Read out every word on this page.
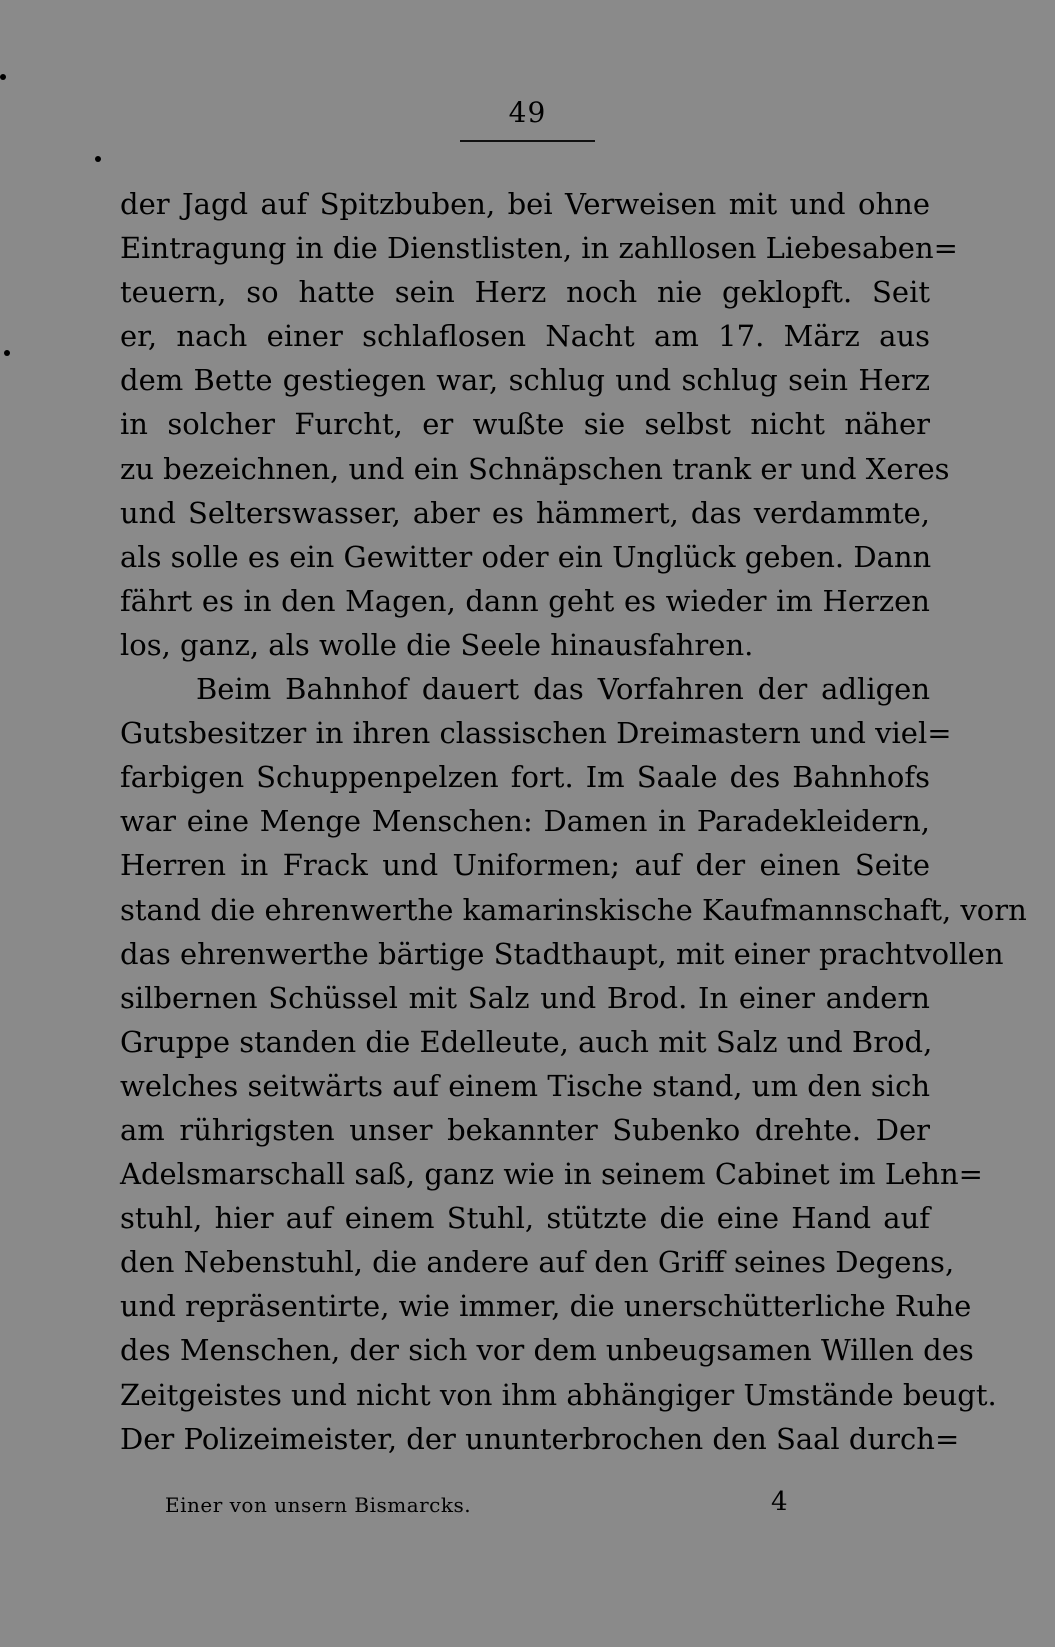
49
der Jagd auf Spitzbuben, bei Verweisen mit und ohne
Eintragung in die Dienstlisten, in zahllosen Liebesaben=
teuern, so hatte sein Herz noch nie geklopft. Seit
er, nach einer schlaflosen Nacht am 17. März aus
dem Bette gestiegen war, schlug und schlug sein Herz
in solcher Furcht, er wußte sie selbst nicht näher
zu bezeichnen, und ein Schnäpschen trank er und Xeres
und Selterswasser, aber es hämmert, das verdammte,
als solle es ein Gewitter oder ein Unglück geben. Dann
fährt es in den Magen, dann geht es wieder im Herzen
los, ganz, als wolle die Seele hinausfahren.
Beim Bahnhof dauert das Vorfahren der adligen
Gutsbesitzer in ihren classischen Dreimastern und viel=
farbigen Schuppenpelzen fort. Im Saale des Bahnhofs
war eine Menge Menschen: Damen in Paradekleidern,
Herren in Frack und Uniformen; auf der einen Seite
stand die ehrenwerthe kamarinskische Kaufmannschaft, vorn
das ehrenwerthe bärtige Stadthaupt, mit einer prachtvollen
silbernen Schüssel mit Salz und Brod. In einer andern
Gruppe standen die Edelleute, auch mit Salz und Brod,
welches seitwärts auf einem Tische stand, um den sich
am rührigsten unser bekannter Subenko drehte. Der
Adelsmarschall saß, ganz wie in seinem Cabinet im Lehn=
stuhl, hier auf einem Stuhl, stützte die eine Hand auf
den Nebenstuhl, die andere auf den Griff seines Degens,
und repräsentirte, wie immer, die unerschütterliche Ruhe
des Menschen, der sich vor dem unbeugsamen Willen des
Zeitgeistes und nicht von ihm abhängiger Umstände beugt.
Der Polizeimeister, der ununterbrochen den Saal durch=
Einer von unsern Bismarcks.	4
